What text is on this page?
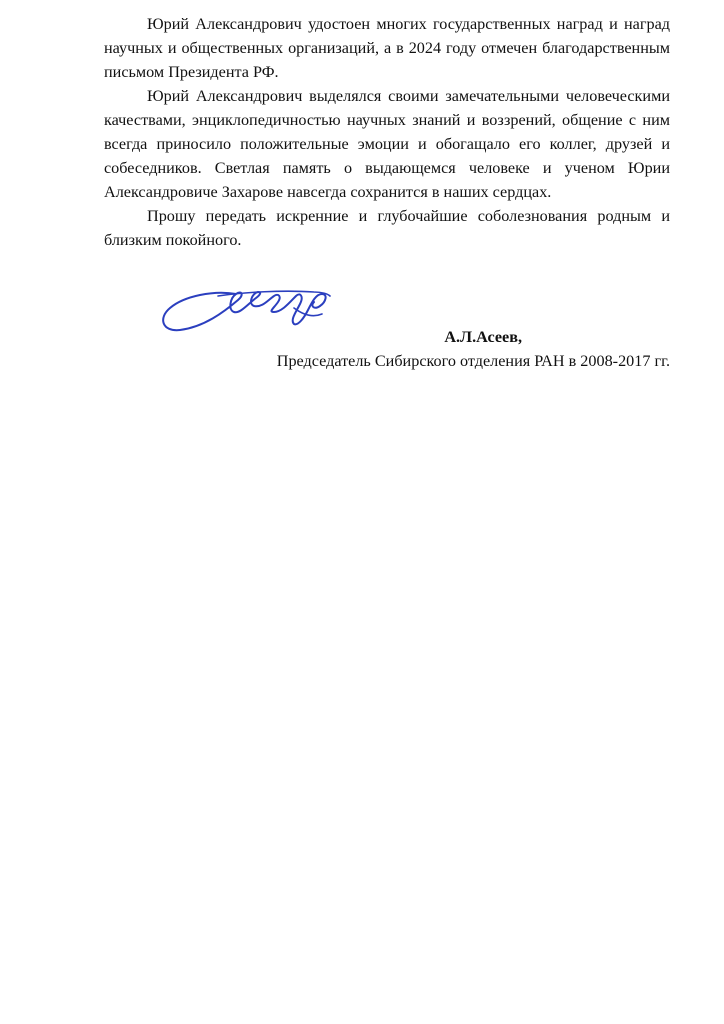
Юрий Александрович удостоен многих государственных наград и наград научных и общественных организаций, а в 2024 году отмечен благодарственным письмом Президента РФ.

Юрий Александрович выделялся своими замечательными человеческими качествами, энциклопедичностью научных знаний и воззрений, общение с ним всегда приносило положительные эмоции и обогащало его коллег, друзей и собеседников. Светлая память о выдающемся человеке и ученом Юрии Александровиче Захарове навсегда сохранится в наших сердцах.

Прошу передать искренние и глубочайшие соболезнования родным и близким покойного.

А.Л.Асеев,
Председатель Сибирского отделения РАН в 2008-2017 гг.
